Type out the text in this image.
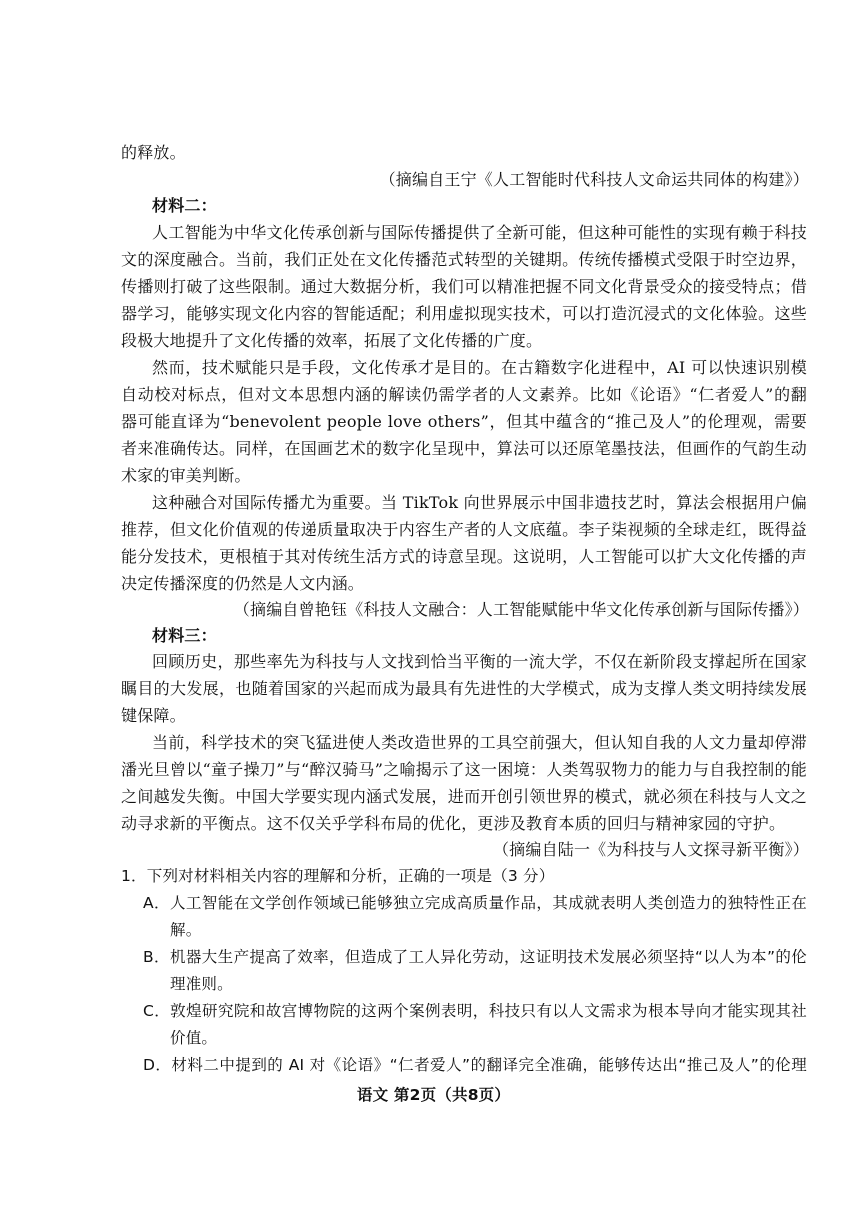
的释放。
（摘编自王宁《人工智能时代科技人文命运共同体的构建》）
材料二：
人工智能为中华文化传承创新与国际传播提供了全新可能，但这种可能性的实现有赖于科技
文的深度融合。当前，我们正处在文化传播范式转型的关键期。传统传播模式受限于时空边界，
传播则打破了这些限制。通过大数据分析，我们可以精准把握不同文化背景受众的接受特点；借
器学习，能够实现文化内容的智能适配；利用虚拟现实技术，可以打造沉浸式的文化体验。这些
段极大地提升了文化传播的效率，拓展了文化传播的广度。
然而，技术赋能只是手段，文化传承才是目的。在古籍数字化进程中，AI 可以快速识别模
自动校对标点，但对文本思想内涵的解读仍需学者的人文素养。比如《论语》“仁者爱人”的翻
器可能直译为“benevolent people love others”，但其中蕴含的“推己及人”的伦理观，需要
者来准确传达。同样，在国画艺术的数字化呈现中，算法可以还原笔墨技法，但画作的气韵生动
术家的审美判断。
这种融合对国际传播尤为重要。当 TikTok 向世界展示中国非遗技艺时，算法会根据用户偏
推荐，但文化价值观的传递质量取决于内容生产者的人文底蕴。李子柒视频的全球走红，既得益
能分发技术，更根植于其对传统生活方式的诗意呈现。这说明，人工智能可以扩大文化传播的声
决定传播深度的仍然是人文内涵。
（摘编自曾艳钰《科技人文融合：人工智能赋能中华文化传承创新与国际传播》）
材料三：
回顾历史，那些率先为科技与人文找到恰当平衡的一流大学，不仅在新阶段支撑起所在国家
瞩目的大发展，也随着国家的兴起而成为最具有先进性的大学模式，成为支撑人类文明持续发展
键保障。
当前，科学技术的突飞猛进使人类改造世界的工具空前强大，但认知自我的人文力量却停滞
潘光旦曾以“童子操刀”与“醉汉骑马”之喻揭示了这一困境：人类驾驭物力的能力与自我控制的能
之间越发失衡。中国大学要实现内涵式发展，进而开创引领世界的模式，就必须在科技与人文之
动寻求新的平衡点。这不仅关乎学科布局的优化，更涉及教育本质的回归与精神家园的守护。
（摘编自陆一《为科技与人文探寻新平衡》）
1．下列对材料相关内容的理解和分析，正确的一项是（3 分）
A．人工智能在文学创作领域已能够独立完成高质量作品，其成就表明人类创造力的独特性正在
解。
B．机器大生产提高了效率，但造成了工人异化劳动，这证明技术发展必须坚持“以人为本”的伦
理准则。
C．敦煌研究院和故宫博物院的这两个案例表明，科技只有以人文需求为根本导向才能实现其社
价值。
D．材料二中提到的 AI 对《论语》“仁者爱人”的翻译完全准确，能够传达出“推己及人”的伦理
语文 第2页（共8页）
